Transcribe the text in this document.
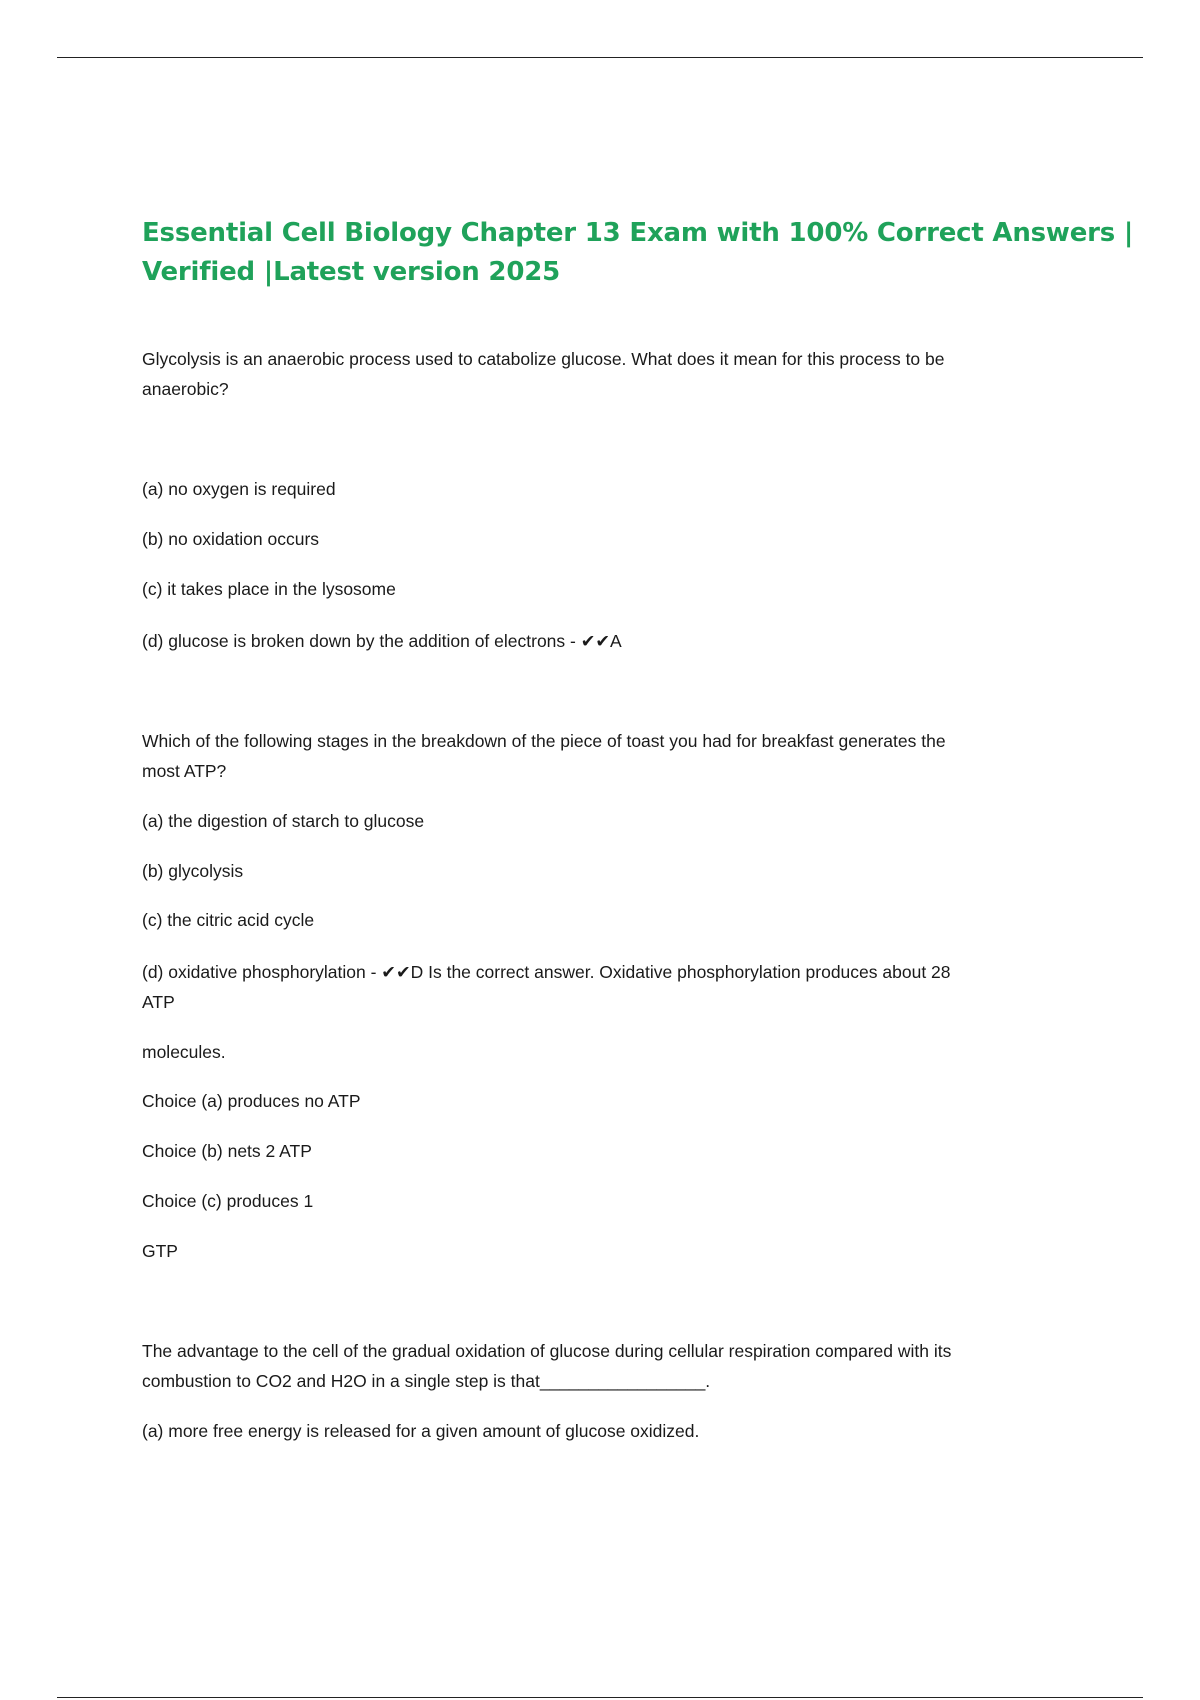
Essential Cell Biology Chapter 13 Exam with 100% Correct Answers |
Verified |Latest version 2025

Glycolysis is an anaerobic process used to catabolize glucose. What does it mean for this process to be

anaerobic?

(a) no oxygen is required

(b) no oxidation occurs

(c) it takes place in the lysosome

(d) glucose is broken down by the addition of electrons - ✔✔A

Which of the following stages in the breakdown of the piece of toast you had for breakfast generates the

most ATP?

(a) the digestion of starch to glucose

(b) glycolysis

(c) the citric acid cycle

(d) oxidative phosphorylation - ✔✔D Is the correct answer. Oxidative phosphorylation produces about 28

ATP

molecules.

Choice (a) produces no ATP

Choice (b) nets 2 ATP

Choice (c) produces 1

GTP

The advantage to the cell of the gradual oxidation of glucose during cellular respiration compared with its

combustion to CO2 and H2O in a single step is that_________________.

(a) more free energy is released for a given amount of glucose oxidized.
